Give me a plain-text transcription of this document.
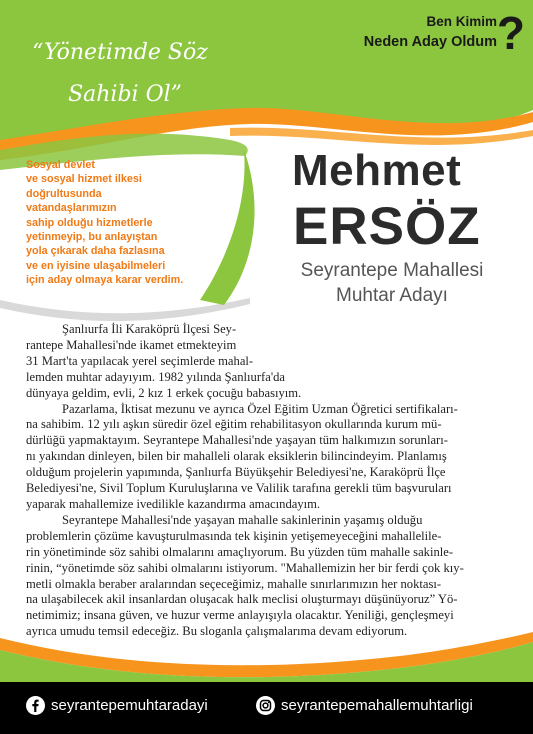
“Yönetimde Söz
Sahibi Ol”
Ben Kimim
Neden Aday Oldum ?
Sosyal devlet
ve sosyal hizmet ilkesi
doğrultusunda
vatandaşlarımızın
sahip olduğu hizmetlerle
yetinmeyip, bu anlayıştan
yola çıkarak daha fazlasına
ve en iyisine ulaşabilmeleri
için aday olmaya karar verdim.
Mehmet
ERSÖZ
Seyrantepe Mahallesi
Muhtar Adayı
Şanlıurfa İli Karaköprü İlçesi Sey-
rantepe Mahallesi'nde ikamet etmekteyim
31 Mart'ta yapılacak yerel seçimlerde mahal-
lemden muhtar adayıyım. 1982 yılında Şanlıurfa'da
dünyaya geldim, evli, 2 kız 1 erkek çocuğu babasıyım.
Pazarlama, İktisat mezunu ve ayrıca Özel Eğitim Uzman Öğretici sertifikaları-
na sahibim. 12 yılı aşkın süredir özel eğitim rehabilitasyon okullarında kurum mü-
dürlüğü yapmaktayım. Seyrantepe Mahallesi'nde yaşayan tüm halkımızın sorunları-
nı yakından dinleyen, bilen bir mahalleli olarak eksiklerin bilincindeyim. Planlamış
olduğum projelerin yapımında, Şanlıurfa Büyükşehir Belediyesi'ne, Karaköprü İlçe
Belediyesi'ne, Sivil Toplum Kuruluşlarına ve Valilik tarafına gerekli tüm başvuruları
yaparak mahallemize ivedilikle kazandırma amacındayım.
Seyrantepe Mahallesi'nde yaşayan mahalle sakinlerinin yaşamış olduğu
problemlerin çözüme kavuşturulmasında tek kişinin yetişemeyeceğini mahallelile-
rin yönetiminde söz sahibi olmalarını amaçlıyorum. Bu yüzden tüm mahalle sakinle-
rinin, “yönetimde söz sahibi olmalarını istiyorum. "Mahallemizin her bir ferdi çok kıy-
metli olmakla beraber aralarından seçeceğimiz, mahalle sınırlarımızın her noktası-
na ulaşabilecek akil insanlardan oluşacak halk meclisi oluşturmayı düşünüyoruz” Yö-
netimimiz; insana güven, ve huzur verme anlayışıyla olacaktır. Yeniliği, gençleşmeyi
ayrıca umudu temsil edeceğiz. Bu sloganla çalışmalarıma devam ediyorum.
seyrantepemuhtaradayi	seyrantepemahallemuhtarligi
